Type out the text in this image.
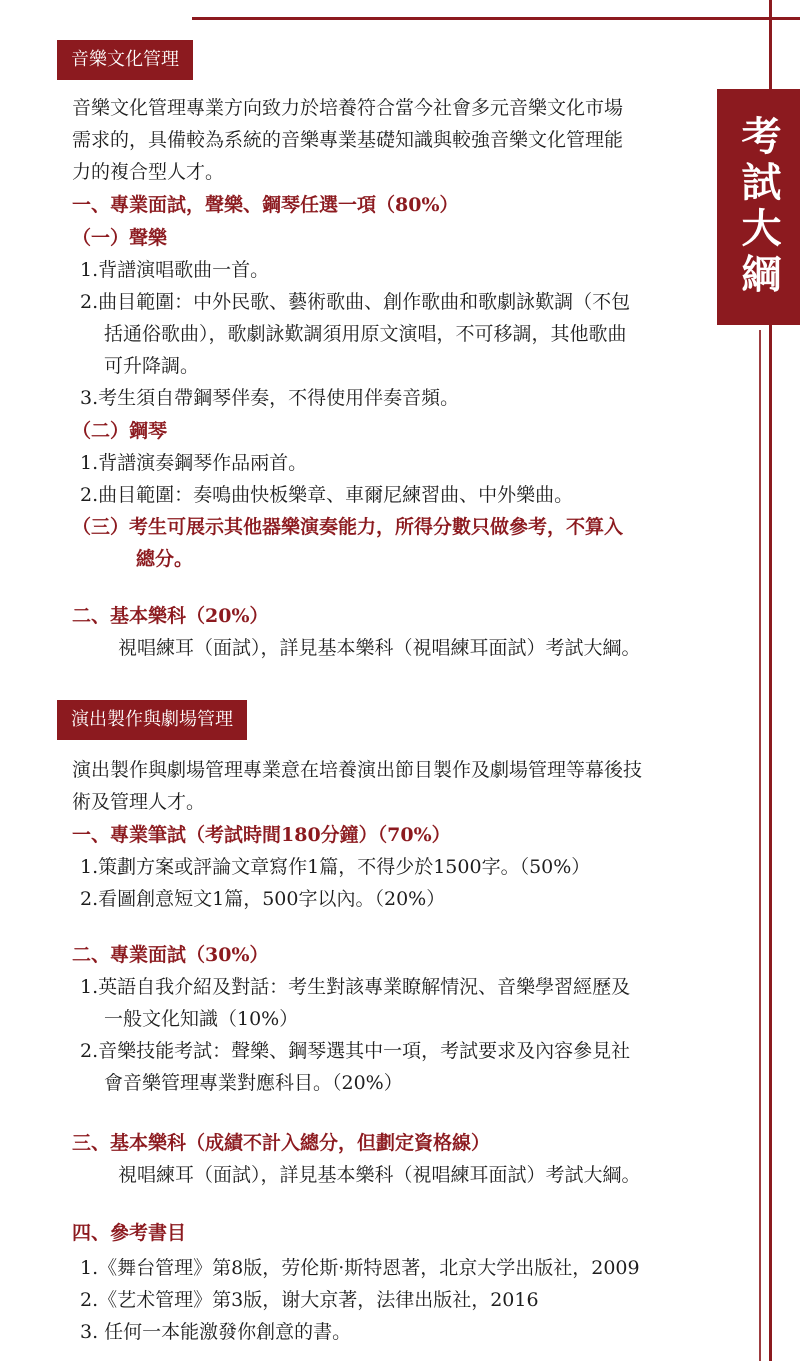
考試大綱
音樂文化管理
音樂文化管理專業方向致力於培養符合當今社會多元音樂文化市場
需求的，具備較為系統的音樂專業基礎知識與較強音樂文化管理能
力的複合型人才。
一、專業面試，聲樂、鋼琴任選一項（80%）
（一）聲樂
1.背譜演唱歌曲一首。
2.曲目範圍：中外民歌、藝術歌曲、創作歌曲和歌劇詠歎調（不包
括通俗歌曲），歌劇詠歎調須用原文演唱，不可移調，其他歌曲
可升降調。
3.考生須自帶鋼琴伴奏，不得使用伴奏音頻。
（二）鋼琴
1.背譜演奏鋼琴作品兩首。
2.曲目範圍：奏鳴曲快板樂章、車爾尼練習曲、中外樂曲。
（三）考生可展示其他器樂演奏能力，所得分數只做參考，不算入
總分。
二、基本樂科（20%）
視唱練耳（面試），詳見基本樂科（視唱練耳面試）考試大綱。
演出製作與劇場管理
演出製作與劇場管理專業意在培養演出節目製作及劇場管理等幕後技
術及管理人才。
一、專業筆試（考試時間180分鐘）（70%）
1.策劃方案或評論文章寫作1篇，不得少於1500字。（50%）
2.看圖創意短文1篇，500字以內。（20%）
二、專業面試（30%）
1.英語自我介紹及對話：考生對該專業瞭解情況、音樂學習經歷及
一般文化知識（10%）
2.音樂技能考試：聲樂、鋼琴選其中一項，考試要求及內容參見社
會音樂管理專業對應科目。（20%）
三、基本樂科（成績不計入總分，但劃定資格線）
視唱練耳（面試），詳見基本樂科（視唱練耳面試）考試大綱。
四、參考書目
1.《舞台管理》第8版，劳伦斯·斯特恩著，北京大学出版社，2009
2.《艺术管理》第3版，谢大京著，法律出版社，2016
3. 任何一本能激發你創意的書。
